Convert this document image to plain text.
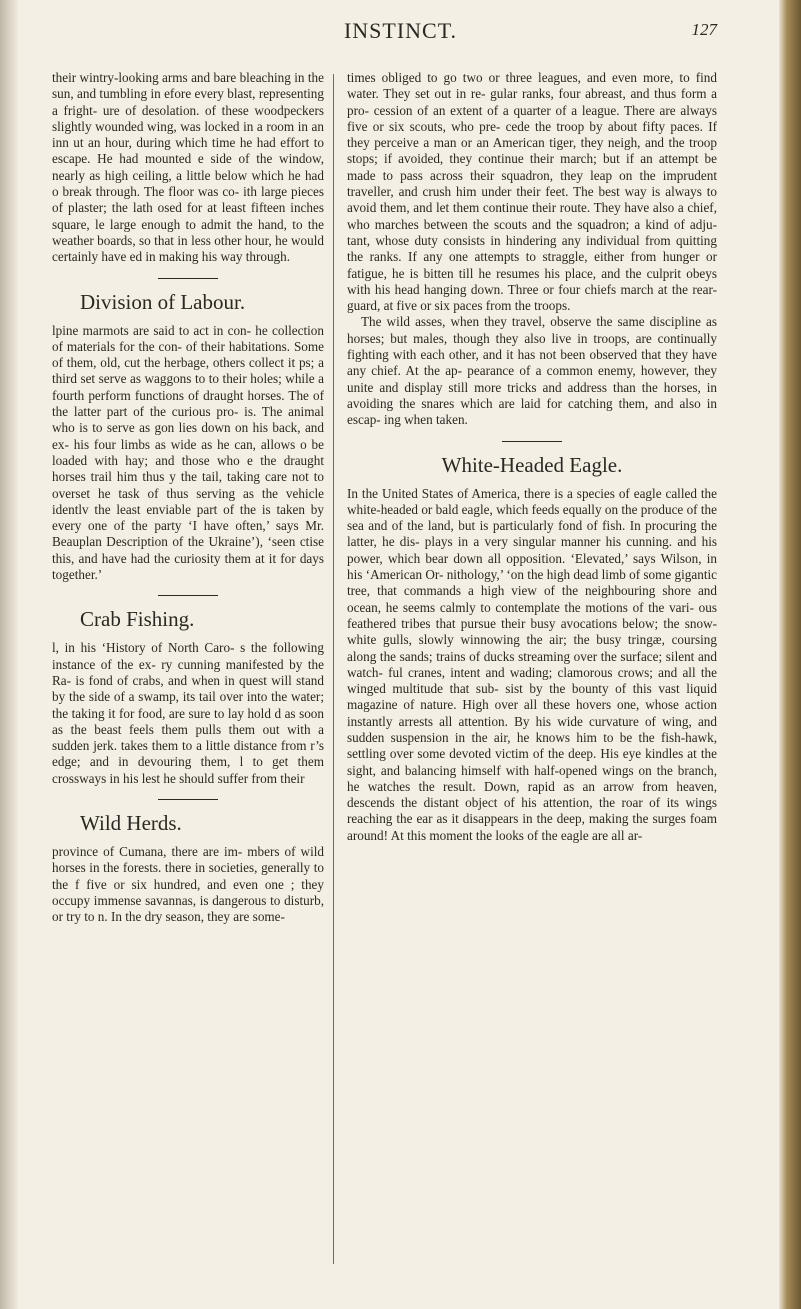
INSTINCT.	127

their wintry-looking arms and bare bleaching in the sun, and tumbling in efore every blast, representing a fright- ure of desolation. of these woodpeckers slightly wounded wing, was locked in a room in an inn ut an hour, during which time he had effort to escape. He had mounted e side of the window, nearly as high ceiling, a little below which he had o break through. The floor was co- ith large pieces of plaster; the lath osed for at least fifteen inches square, le large enough to admit the hand, to the weather boards, so that in less other hour, he would certainly have ed in making his way through.

Division of Labour.

lpine marmots are said to act in con- he collection of materials for the con- of their habitations. Some of them, old, cut the herbage, others collect it ps; a third set serve as waggons to to their holes; while a fourth perform functions of draught horses. The of the latter part of the curious pro- is. The animal who is to serve as gon lies down on his back, and ex- his four limbs as wide as he can, allows o be loaded with hay; and those who e the draught horses trail him thus y the tail, taking care not to overset he task of thus serving as the vehicle identlv the least enviable part of the is taken by every one of the party ‘I have often,’ says Mr. Beauplan Description of the Ukraine’), ‘seen ctise this, and have had the curiosity them at it for days together.’

Crab Fishing.

l, in his ‘History of North Caro- s the following instance of the ex- ry cunning manifested by the Ra- is fond of crabs, and when in quest will stand by the side of a swamp, its tail over into the water; the taking it for food, are sure to lay hold d as soon as the beast feels them pulls them out with a sudden jerk. takes them to a little distance from r’s edge; and in devouring them, l to get them crossways in his lest he should suffer from their

Wild Herds.

province of Cumana, there are im- mbers of wild horses in the forests. there in societies, generally to the f five or six hundred, and even one ; they occupy immense savannas, is dangerous to disturb, or try to n. In the dry season, they are some-

times obliged to go two or three leagues, and even more, to find water. They set out in re- gular ranks, four abreast, and thus form a pro- cession of an extent of a quarter of a league. There are always five or six scouts, who pre- cede the troop by about fifty paces. If they perceive a man or an American tiger, they neigh, and the troop stops; if avoided, they continue their march; but if an attempt be made to pass across their squadron, they leap on the imprudent traveller, and crush him under their feet. The best way is always to avoid them, and let them continue their route. They have also a chief, who marches between the scouts and the squadron; a kind of adju- tant, whose duty consists in hindering any individual from quitting the ranks. If any one attempts to straggle, either from hunger or fatigue, he is bitten till he resumes his place, and the culprit obeys with his head hanging down. Three or four chiefs march at the rear-guard, at five or six paces from the troops.

The wild asses, when they travel, observe the same discipline as horses; but males, though they also live in troops, are continually fighting with each other, and it has not been observed that they have any chief. At the ap- pearance of a common enemy, however, they unite and display still more tricks and address than the horses, in avoiding the snares which are laid for catching them, and also in escap- ing when taken.

White-Headed Eagle.

In the United States of America, there is a species of eagle called the white-headed or bald eagle, which feeds equally on the produce of the sea and of the land, but is particularly fond of fish. In procuring the latter, he dis- plays in a very singular manner his cunning. and his power, which bear down all opposition. ‘Elevated,’ says Wilson, in his ‘American Or- nithology,’ ‘on the high dead limb of some gigantic tree, that commands a high view of the neighbouring shore and ocean, he seems calmly to contemplate the motions of the vari- ous feathered tribes that pursue their busy avocations below; the snow-white gulls, slowly winnowing the air; the busy tringæ, coursing along the sands; trains of ducks streaming over the surface; silent and watch- ful cranes, intent and wading; clamorous crows; and all the winged multitude that sub- sist by the bounty of this vast liquid magazine of nature. High over all these hovers one, whose action instantly arrests all attention. By his wide curvature of wing, and sudden suspension in the air, he knows him to be the fish-hawk, settling over some devoted victim of the deep. His eye kindles at the sight, and balancing himself with half-opened wings on the branch, he watches the result. Down, rapid as an arrow from heaven, descends the distant object of his attention, the roar of its wings reaching the ear as it disappears in the deep, making the surges foam around! At this moment the looks of the eagle are all ar-
